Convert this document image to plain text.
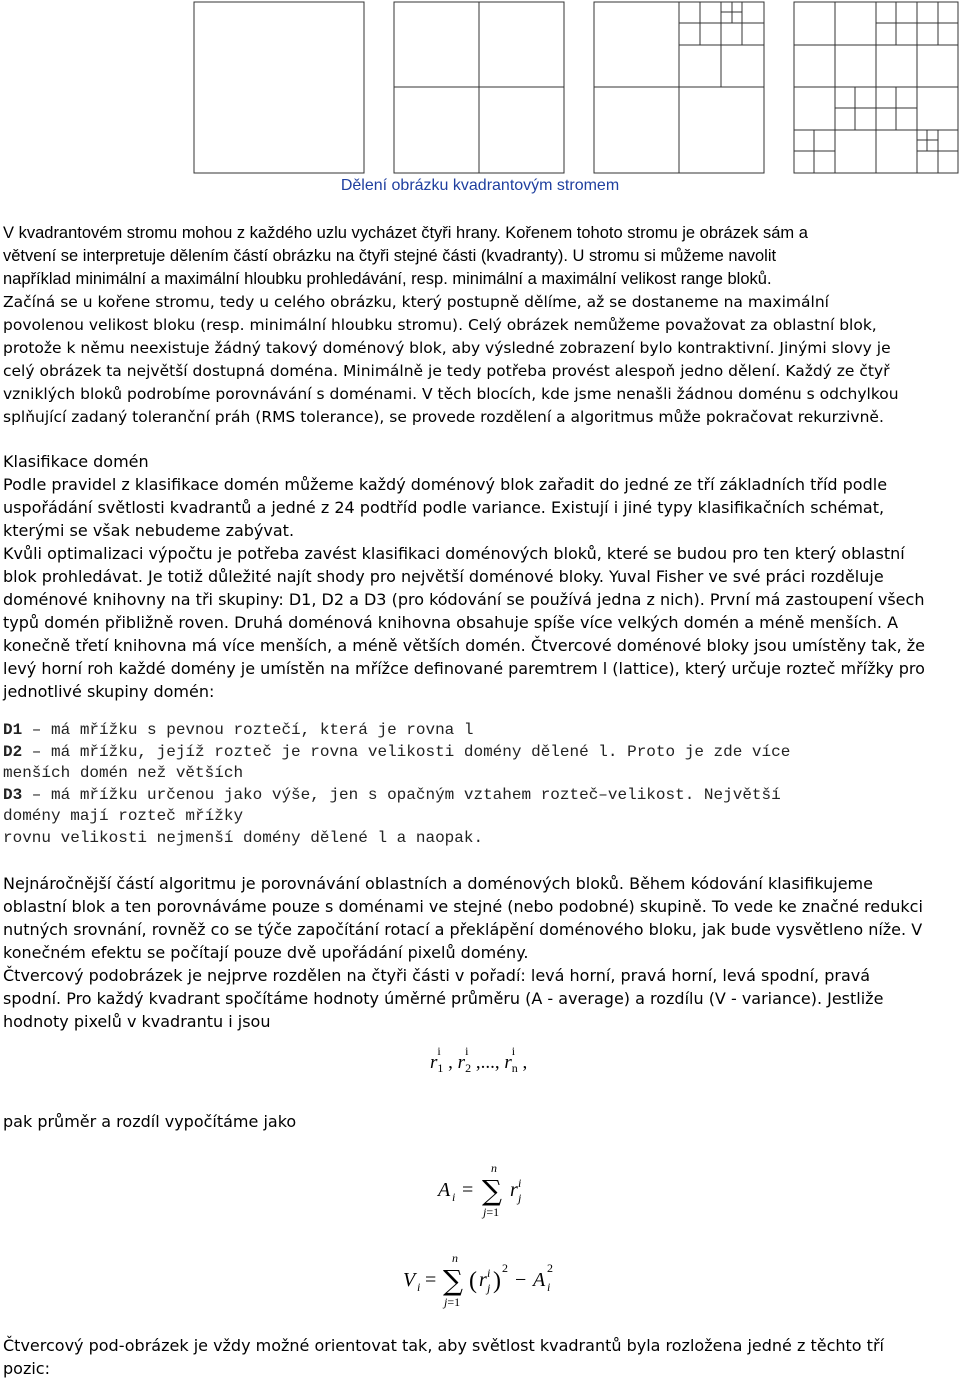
Dělení obrázku kvadrantovým stromem

V kvadrantovém stromu mohou z každého uzlu vycházet čtyři hrany. Kořenem tohoto stromu je obrázek sám a

větvení se interpretuje dělením částí obrázku na čtyři stejné části (kvadranty). U stromu si můžeme navolit

například minimální a maximální hloubku prohledávání, resp. minimální a maximální velikost range bloků.

Začíná se u kořene stromu, tedy u celého obrázku, který postupně dělíme, až se dostaneme na maximální

povolenou velikost bloku (resp. minimální hloubku stromu). Celý obrázek nemůžeme považovat za oblastní blok,

protože k němu neexistuje žádný takový doménový blok, aby výsledné zobrazení bylo kontraktivní. Jinými slovy je

celý obrázek ta největší dostupná doména. Minimálně je tedy potřeba provést alespoň jedno dělení. Každý ze čtyř

vzniklých bloků podrobíme porovnávání s doménami. V těch blocích, kde jsme nenašli žádnou doménu s odchylkou

splňující zadaný toleranční práh (RMS tolerance), se provede rozdělení a algoritmus může pokračovat rekurzivně.

Klasifikace domén

Podle pravidel z klasifikace domén můžeme každý doménový blok zařadit do jedné ze tří základních tříd podle

uspořádání světlosti kvadrantů a jedné z 24 podtříd podle variance. Existují i jiné typy klasifikačních schémat,

kterými se však nebudeme zabývat.

Kvůli optimalizaci výpočtu je potřeba zavést klasifikaci doménových bloků, které se budou pro ten který oblastní

blok prohledávat. Je totiž důležité najít shody pro největší doménové bloky. Yuval Fisher ve své práci rozděluje

doménové knihovny na tři skupiny: D1, D2 a D3 (pro kódování se používá jedna z nich). První má zastoupení všech

typů domén přibližně roven. Druhá doménová knihovna obsahuje spíše více velkých domén a méně menších. A

konečně třetí knihovna má více menších, a méně větších domén. Čtvercové doménové bloky jsou umístěny tak, že

levý horní roh každé domény je umístěn na mřížce definované paremtrem l (lattice), který určuje rozteč mřížky pro

jednotlivé skupiny domén:

D1 – má mřížku s pevnou roztečí, která je rovna l

D2 – má mřížku, jejíž rozteč je rovna velikosti domény dělené l. Proto je zde více

menších domén než větších

D3 – má mřížku určenou jako výše, jen s opačným vztahem rozteč–velikost. Největší

domény mají rozteč mřížky

rovnu velikosti nejmenší domény dělené l a naopak.

Nejnáročnější částí algoritmu je porovnávání oblastních a doménových bloků. Během kódování klasifikujeme

oblastní blok a ten porovnáváme pouze s doménami ve stejné (nebo podobné) skupině. To vede ke značné redukci

nutných srovnání, rovněž co se týče započítání rotací a překlápění doménového bloku, jak bude vysvětleno níže. V

konečném efektu se počítají pouze dvě upořádání pixelů domény.

Čtvercový podobrázek je nejprve rozdělen na čtyři části v pořadí: levá horní, pravá horní, levá spodní, pravá

spodní. Pro každý kvadrant spočítáme hodnoty úměrné průměru (A - average) a rozdílu (V - variance). Jestliže

hodnoty pixelů v kvadrantu i jsou

$r_1$
i
, $r_2$
i
,..., $r_n$
i
,
pak průměr a rozdíl vypočítáme jako
A i = ∑
n
j=1
r i
j
V i = ∑
n
j=1
( r i
j ) 2
− A
2
i
Čtvercový pod-obrázek je vždy možné orientovat tak, aby světlost kvadrantů byla rozložena jedné z těchto tří
pozic:
